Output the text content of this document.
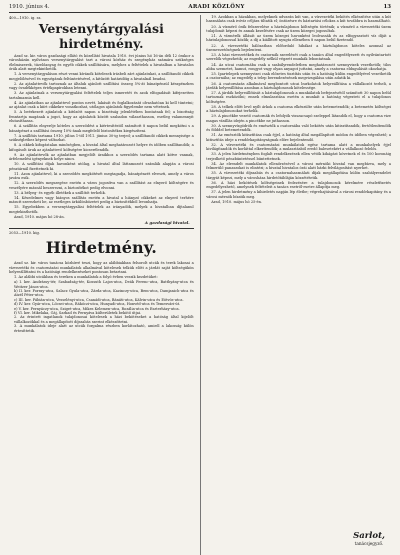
1910. június 4.	ARADI KÖZLÖNY	13
400—1910. ig. sz.
Versenytárgyalási hirdetmény.

Arad sz. kir. város gazdasági ellátó és közellátó hivatala 1910. évi június hó 16-án déli 12 órakor a városházán nyilvános versenytárgyalást tart a városi kórház és szegényház számára szükséges élelmiszerek, tüzelőanyag és egyéb cikkek szállítására, melyhez a feltételek a hivatalban a hivatalos órák alatt megtekinthetők.

1. A versenytárgyaláson részt venni kívánók kötelesek írásbeli zárt ajánlatukat, a szállítandó cikkek megjelölésével és egységárak feltüntetésével, a kitűzött határidőig a hivatalnál beadni.

2. Az ajánlattevők tartoznak az általuk ajánlott szállítási összeg 5%-át bánatpénzül készpénzben vagy óvadékképes értékpapírokban letenni.

3. Az ajánlatnak a versenytárgyalási feltételek teljes ismeretét és azok elfogadását kifejezetten tartalmaznia kell.

4. Az ajánlatban az ajánlattevő pontos nevét, lakását és foglalkozását olvashatóan ki kell tüntetni; az ajánlat csak a kiírt cikkekre vonatkozhat, utólagos ajánlatok figyelembe nem vétetnek.

5. A beérkezett ajánlatok a kitűzött napon a bizottság jelenlétében bontatnak fel; a bizottság fenntartja magának a jogot, hogy az ajánlatok között szabadon választhasson, esetleg valamennyit elutasíthassa.

6. A szállítás elnyerője köteles a szerződést a kiértesítéstől számított 8 napon belül megkötni s a bánatpénzt a szállítási összeg 10%-ának megfelelő biztosítékra kiegészíteni.

7. A szállítás tartama 1910. július 1-től 1911. június 30-ig terjed; a szállítandó cikkek mennyisége a szükséglethez képest változhat.

8. A cikkek kifogástalan minőségben, a hivatal által meghatározott helyre és időben szállítandók; a kifogásolt áruk az ajánlattevő költségére kicserélendők.

9. Az ajánlattevők az ajánlatban megjelölt áraikhoz a szerződés tartama alatt kötve vannak, árfelemelési igényeknek helye nincs.

10. A szállítási díjak havonként utólag, a hivatal által láttamozott számlák alapján a városi pénztárnál fizettetnek ki.

11. Azon ajánlattevő, ki a szerződés megkötését megtagadja, bánatpénzét elveszti, amely a város javára esik.

12. A szerződés megszegése esetén a város jogosítva van a szállítást az elnyerő költségére és veszélyére másnál beszerezni, a biztosítékot pedig elvonni.

13. A bélyeg- és egyéb illetékek a szállítót terhelik.

14. Késedelmes vagy hiányos szállítás esetén a hivatal a hiányzó cikkeket az elnyerő terhére másutt szerezheti be, az esetleges árkülönbözetet pedig a biztosítékból levonhatja.

15. Egyebekben a versenytárgyalási feltételek az irányadók, melyek a hivatalban díjtalanul megtekinthetők.

Arad, 1910. május hó 28-án.

A gazdasági hivatal.
2053—1910. kig.
Hirdetmény.

Arad sz. kir. város tanácsa közhírré teszi, hogy az alábbiakban felsorolt utcák és terek lakosai a vízvezetéki és csatornázási munkálatok alkalmával kötelesek telkük előtt a járdát saját költségükön helyreállíttatni és a hatósági rendelkezéseket pontosan betartani.

1. Az alábbi utcákban és tereken a munkálatok a folyó évben veszik kezdetüket:

a) I. ker. Andrássy-tér, Szabadság-tér, Kossuth Lajos-utca, Deák Ferenc-utca, Batthyány-utca és Weitzer János-utca.

b) II. ker. Forray-utca, Salacz Gyula-utca, Zárda-utca, Kazinczy-utca, Bem-utca, Damjanich-utca és Atzél Péter-utca.

c) III. ker. Fábián-utca, Vesselényi-utca, Csanádi-utca, Bánáti-utca, Kálvin-utca és Eötvös-utca.

d) IV. ker. Gyár-utca, Lőcsei-utca, Rákóczi-utca, Hunyadi-utca, Honvéd-utca és Temesvári-út.

e) V. ker. Pernyáczy-utca, Sziget-utca, Mikes Kelemen-utca, Rozália-utca és Eszterházy-utca.

f) VI. ker. Mikelaka, Gáj, Sarkad és Pernyáva külterületek bekötő útjai.

2. Az érintett ingatlanok tulajdonosai kötelesek a házi bekötéseket a hatóság által kijelölt vállalkozókkal és a megállapított díjszabás szerint elkészíttetni.

3. A munkálatok ideje alatt az utcák forgalma részben korlátozható, amiről a lakosság külön értesíttetik.

19. Azokban a házakban, melyeknek udvarán kút van, a vízvezetéki bekötés elkészítése után a kút használata csak ivóvíz céljára tiltatik el; öntözésre és háztartási célokra a kút továbbra is használható.

20. A vízmérő órák felszerelése a háztulajdonos költségén történik; a vízmérő a vízvezetéki üzem tulajdonát képezi és annak kezelésére csak az üzem közegei jogosultak.

21. A vízmérők állását az üzem közegei havonként leolvassák és az elfogyasztott víz díját a háztulajdonossal közlik; a díj a kiállított nyugta ellenében 8 napon belül fizetendő.

22. A vízvezetéki hálózatban előforduló hibákat a háztulajdonos köteles azonnal az üzemvezetőségnek bejelenteni.

23. A házi vízvezetékek és csatornák szerelését csak a tanács által engedélyezett és nyilvántartott szerelők végezhetik; az engedély nélkül végzett munkák lebontatnak.

24. Az utcai csatornába csak a szabályrendeletben meghatározott szennyvizek vezethetők; tilos abba szemetet, hamut, rongyot vagy olyan anyagot juttatni, amely a csatorna eldugulását okozhatja.

25. Ipartelepek szennyvizei csak előzetes tisztítás után és a hatóság külön engedélyével vezethetők a csatornába; az engedély a telep berendezésének megvizsgálása után adatik ki.

26. A csatornázás alkalmával megbontott utcai burkolatok helyreállítása a vállalkozót terheli, a járdák helyreállítása azonban a háztulajdonosok kötelessége.

27. A járdák helyreállítását a háztulajdonosok a munkálatok befejezésétől számított 30 napon belül tartoznak eszközölni; ennek elmulasztása esetén a munkát a hatóság végezteti el a tulajdonos költségére.

28. A telkek előtt levő nyílt árkok a csatorna elkészülte után betemetendők; a betemetés költségei a háztulajdonosokat terhelik.

29. A pincékbe vezető csatornák és lefolyók visszacsapó szeleppel látandók el, hogy a csatorna vize magas vízállás idején a pincékbe ne juthasson.

30. A szennyvízgödrök és emésztők a csatornába való bekötés után kitisztítandók, fertőtlenítendők és földdel betemetendők.

31. Az emésztők kitisztítása csak éjjel, a hatóság által megállapított módon és időben végezhető; a kitisztítás ideje a rendőrkapitányságnak előre bejelentendő.

32. A vízvezetéki és csatornázási munkálatok egész tartama alatt a munkahelyek éjjel kivilágítandók és korláttal elkerítendők; a mulasztásból eredő balesetekért a vállalkozó felelős.

33. A jelen hirdetményben foglalt rendelkezések ellen vétők kihágást követnek el és 100 koronáig terjedhető pénzbüntetéssel büntettetnek.

34. Az elrendelt munkálatok ellenőrzésével a városi mérnöki hivatal van megbízva, mely a felmerülő panaszokat is elintézi; a hivatal hivatalos órái alatt bárki felvilágosítást nyerhet.

35. A vízvezetéki díjszabás és a csatornahasználati díjak megállapítása külön szabályrendelet tárgyát képezi, mely a városháza hirdetőtábláján közzététetik.

36. A házi bekötések költségeinek fedezésére a tulajdonosok kérelmére részletfizetés engedélyezhető, amelynek feltételeit a tanács esetről-esetre állapítja meg.

37. A jelen hirdetmény a kihirdetés napján lép életbe; végrehajtásával a városi rendőrkapitány és a városi mérnök bízatik meg.

Arad, 1910. május hó 25-én.

Sarlot,
tanácsjegyző.
